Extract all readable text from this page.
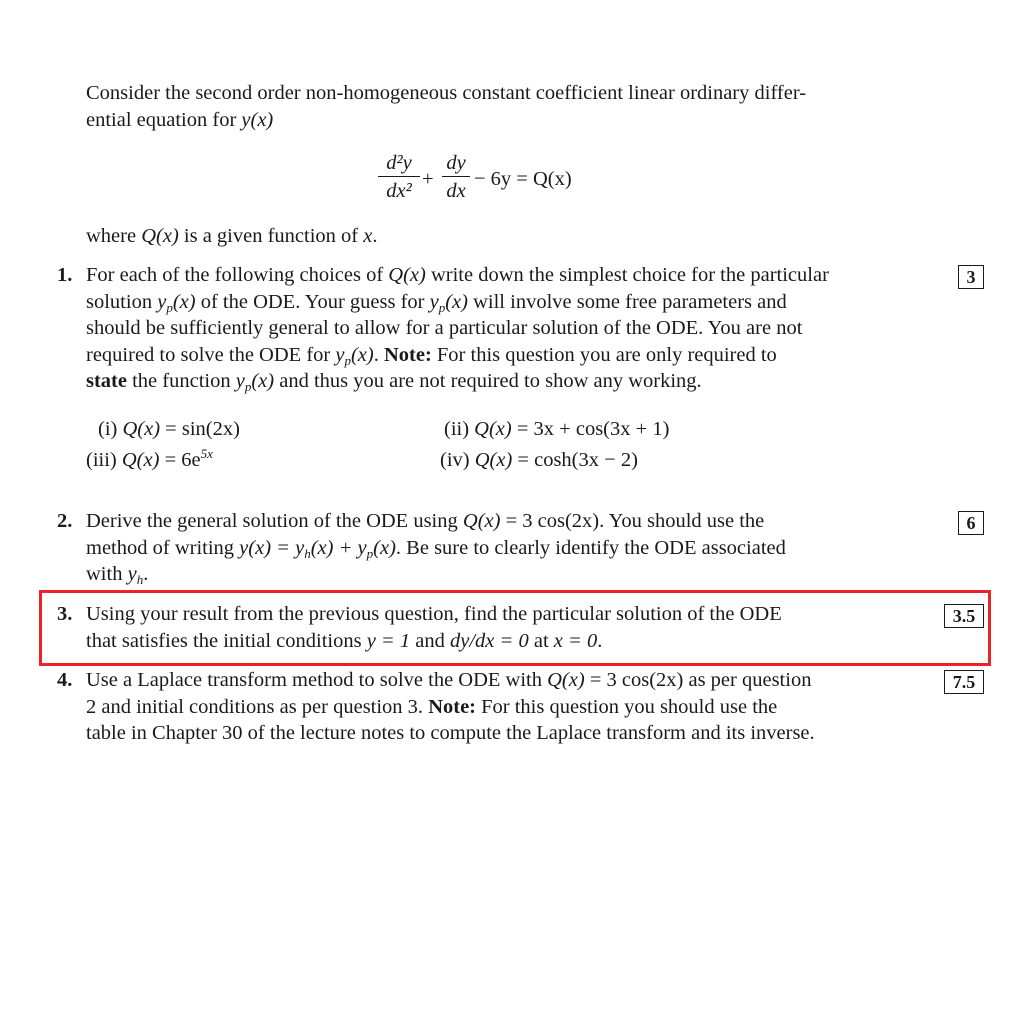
Consider the second order non-homogeneous constant coefficient linear ordinary differ-
ential equation for y(x)
d²y
dx²
+
dy
dx
− 6y = Q(x)
where Q(x) is a given function of x.
1. For each of the following choices of Q(x) write down the simplest choice for the particular
solution $y_p(x)$ of the ODE. Your guess for $y_p(x)$ will involve some free parameters and
should be sufficiently general to allow for a particular solution of the ODE. You are not
required to solve the ODE for $y_p(x)$. Note: For this question you are only required to
state the function $y_p(x)$ and thus you are not required to show any working.
3
(i) Q(x) = sin(2x)	(ii) Q(x) = 3x + cos(3x + 1)
(iii) $Q(x) = 6e^{5x}$	(iv) Q(x) = cosh(3x − 2)
2. Derive the general solution of the ODE using Q(x) = 3 cos(2x). You should use the
method of writing $y(x) = y_h(x) + y_p(x)$. Be sure to clearly identify the ODE associated
with $y_h$.
6
3. Using your result from the previous question, find the particular solution of the ODE
that satisfies the initial conditions y = 1 and dy/dx = 0 at x = 0.
3.5
4. Use a Laplace transform method to solve the ODE with Q(x) = 3 cos(2x) as per question
2 and initial conditions as per question 3. Note: For this question you should use the
table in Chapter 30 of the lecture notes to compute the Laplace transform and its inverse.
7.5
